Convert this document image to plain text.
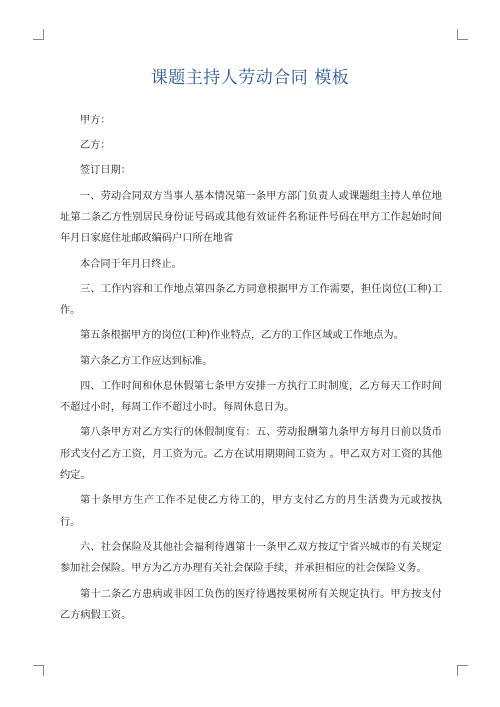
课题主持人劳动合同 模板

甲方：

乙方：

签订日期：

一、劳动合同双方当事人基本情况第一条甲方部门负责人或课题组主持人单位地址第二条乙方性别居民身份证号码或其他有效证件名称证件号码在甲方工作起始时间年月日家庭住址邮政编码户口所在地省

本合同于年月日终止。

三、工作内容和工作地点第四条乙方同意根据甲方工作需要，担任岗位(工种)工作。

第五条根据甲方的岗位(工种)作业特点，乙方的工作区域或工作地点为。

第六条乙方工作应达到标准。

四、工作时间和休息休假第七条甲方安排一方执行工时制度，乙方每天工作时间不超过小时，每周工作不超过小时。每周休息日为。

第八条甲方对乙方实行的休假制度有：五、劳动报酬第九条甲方每月日前以货币形式支付乙方工资，月工资为元。乙方在试用期期间工资为 。甲乙双方对工资的其他约定。

第十条甲方生产工作不足使乙方待工的，甲方支付乙方的月生活费为元或按执行。

六、社会保险及其他社会福利待遇第十一条甲乙双方按辽宁省兴城市的有关规定参加社会保险。甲方为乙方办理有关社会保险手续，并承担相应的社会保险义务。

第十二条乙方患病或非因工负伤的医疗待遇按果树所有关规定执行。甲方按支付乙方病假工资。
